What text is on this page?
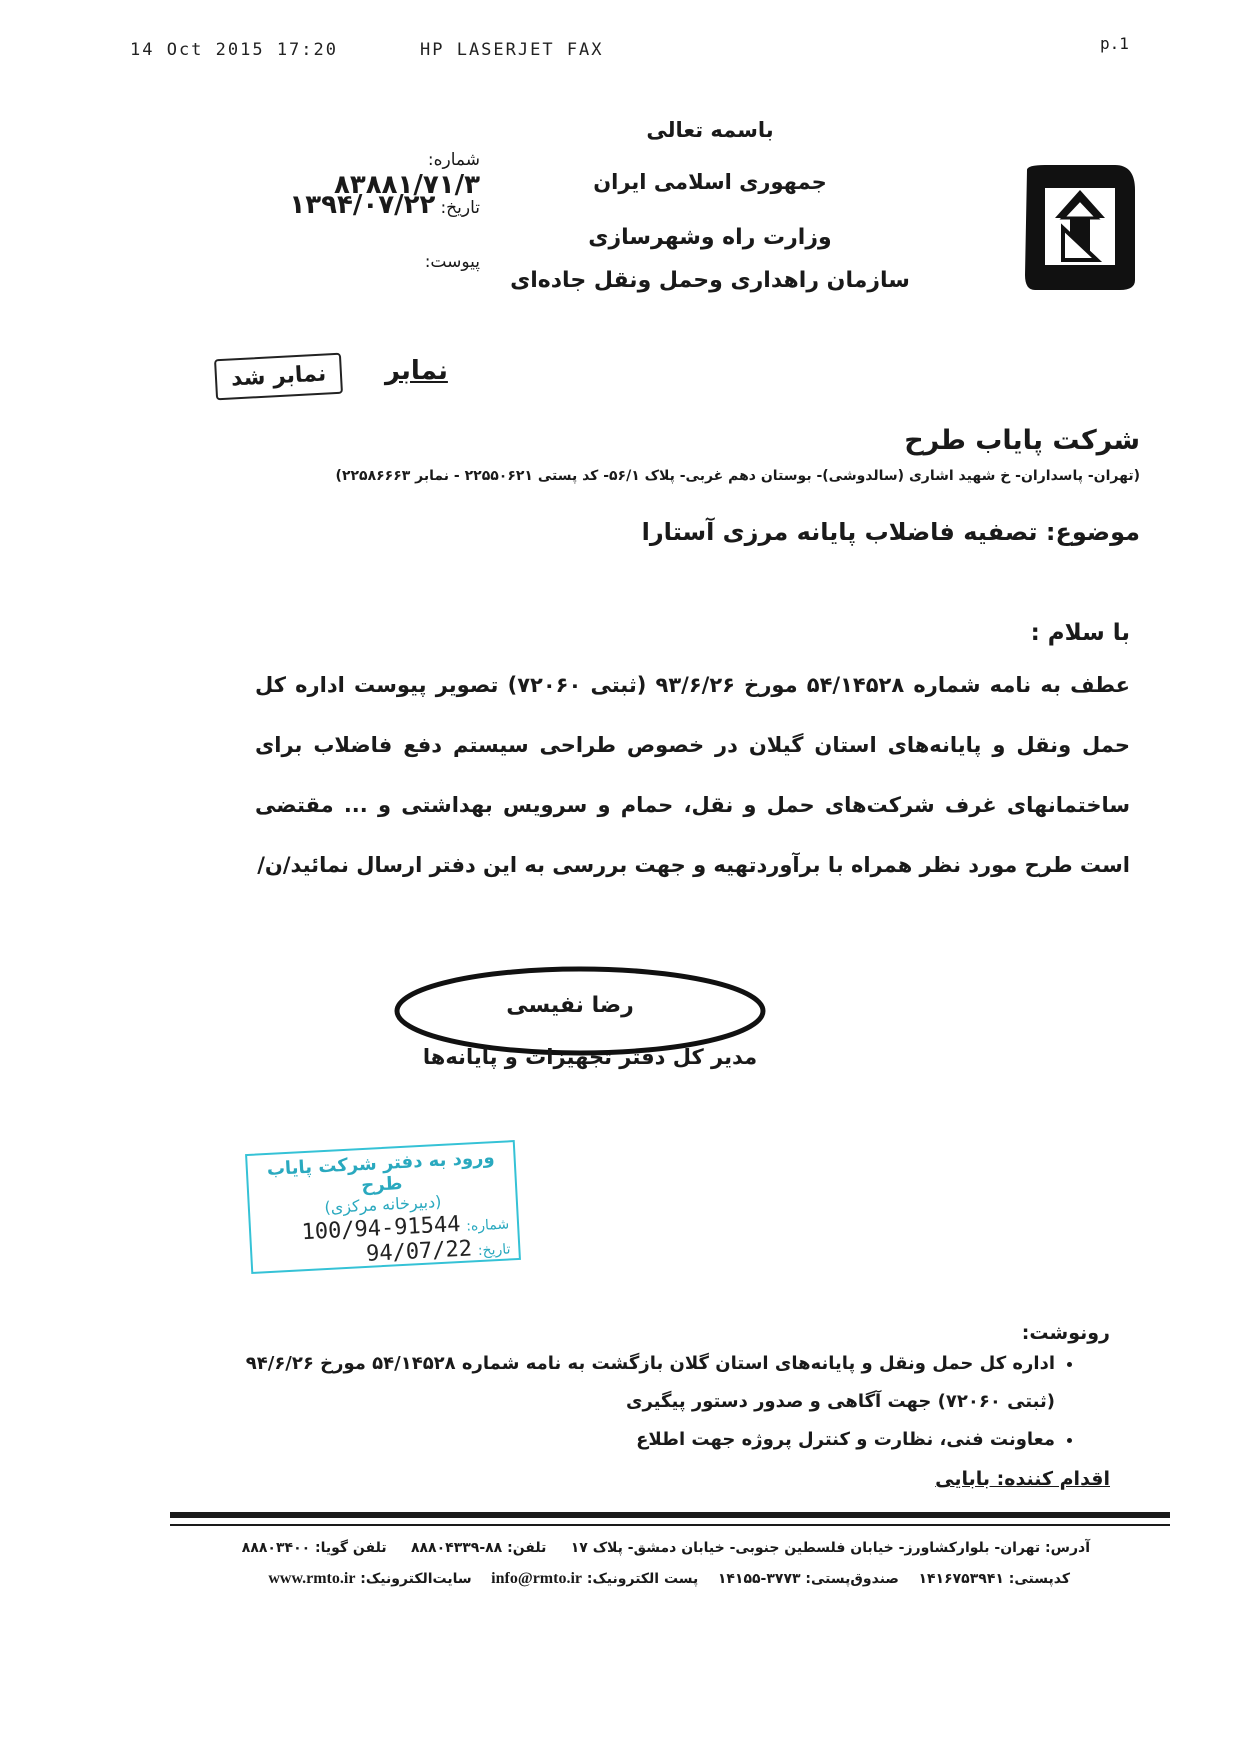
14 Oct 2015 17:20	HP LASERJET FAX	p.1
باسمه تعالی
جمهوری اسلامی ایران
وزارت راه وشهرسازی
سازمان راهداری وحمل ونقل جاده‌ای
شماره: ۸۳۸۸۱/۷۱/۳
تاریخ: ۱۳۹۴/۰۷/۲۲
پیوست:
نمابر شد	نمابر
شرکت پایاب طرح
(تهران- پاسداران- خ شهید اشاری (سالدوشی)- بوستان دهم غربی- پلاک ۵۶/۱- کد پستی ۲۲۵۵۰۶۲۱ - نمابر ۲۲۵۸۶۶۶۳)
موضوع: تصفیه فاضلاب پایانه مرزی آستارا
با سلام :
عطف به نامه شماره ۵۴/۱۴۵۲۸ مورخ ۹۳/۶/۲۶ (ثبتی ۷۲۰۶۰) تصویر پیوست اداره کل حمل ونقل و پایانه‌های استان گیلان در خصوص طراحی سیستم دفع فاضلاب برای ساختمانهای غرف شرکت‌های حمل و نقل، حمام و سرویس بهداشتی و ... مقتضی است طرح مورد نظر همراه با برآوردتهیه و جهت بررسی به این دفتر ارسال نمائید/ن/
رضا نفیسی
مدیر کل دفتر تجهیزات و پایانه‌ها
ورود به دفتر شرکت پایاب طرح
(دبیرخانه مرکزی)
شماره: 100/94-91544
تاریخ: 94/07/22
رونوشت:
• اداره کل حمل ونقل و پایانه‌های استان گلان بازگشت به نامه شماره ۵۴/۱۴۵۲۸ مورخ ۹۴/۶/۲۶ (ثبتی ۷۲۰۶۰) جهت آگاهی و صدور دستور پیگیری
• معاونت فنی، نظارت و کنترل پروژه جهت اطلاع
اقدام کننده: بابایی
آدرس: تهران- بلوارکشاورز- خیابان فلسطین جنوبی- خیابان دمشق- پلاک ۱۷     تلفن: ۸۸-۸۸۸۰۴۳۳۹     تلفن گویا: ۸۸۸۰۳۴۰۰
کدپستی: ۱۴۱۶۷۵۳۹۴۱    صندوق‌پستی: ۳۷۷۳-۱۴۱۵۵    پست الکترونیک: info@rmto.ir    سایت‌الکترونیک: www.rmto.ir
